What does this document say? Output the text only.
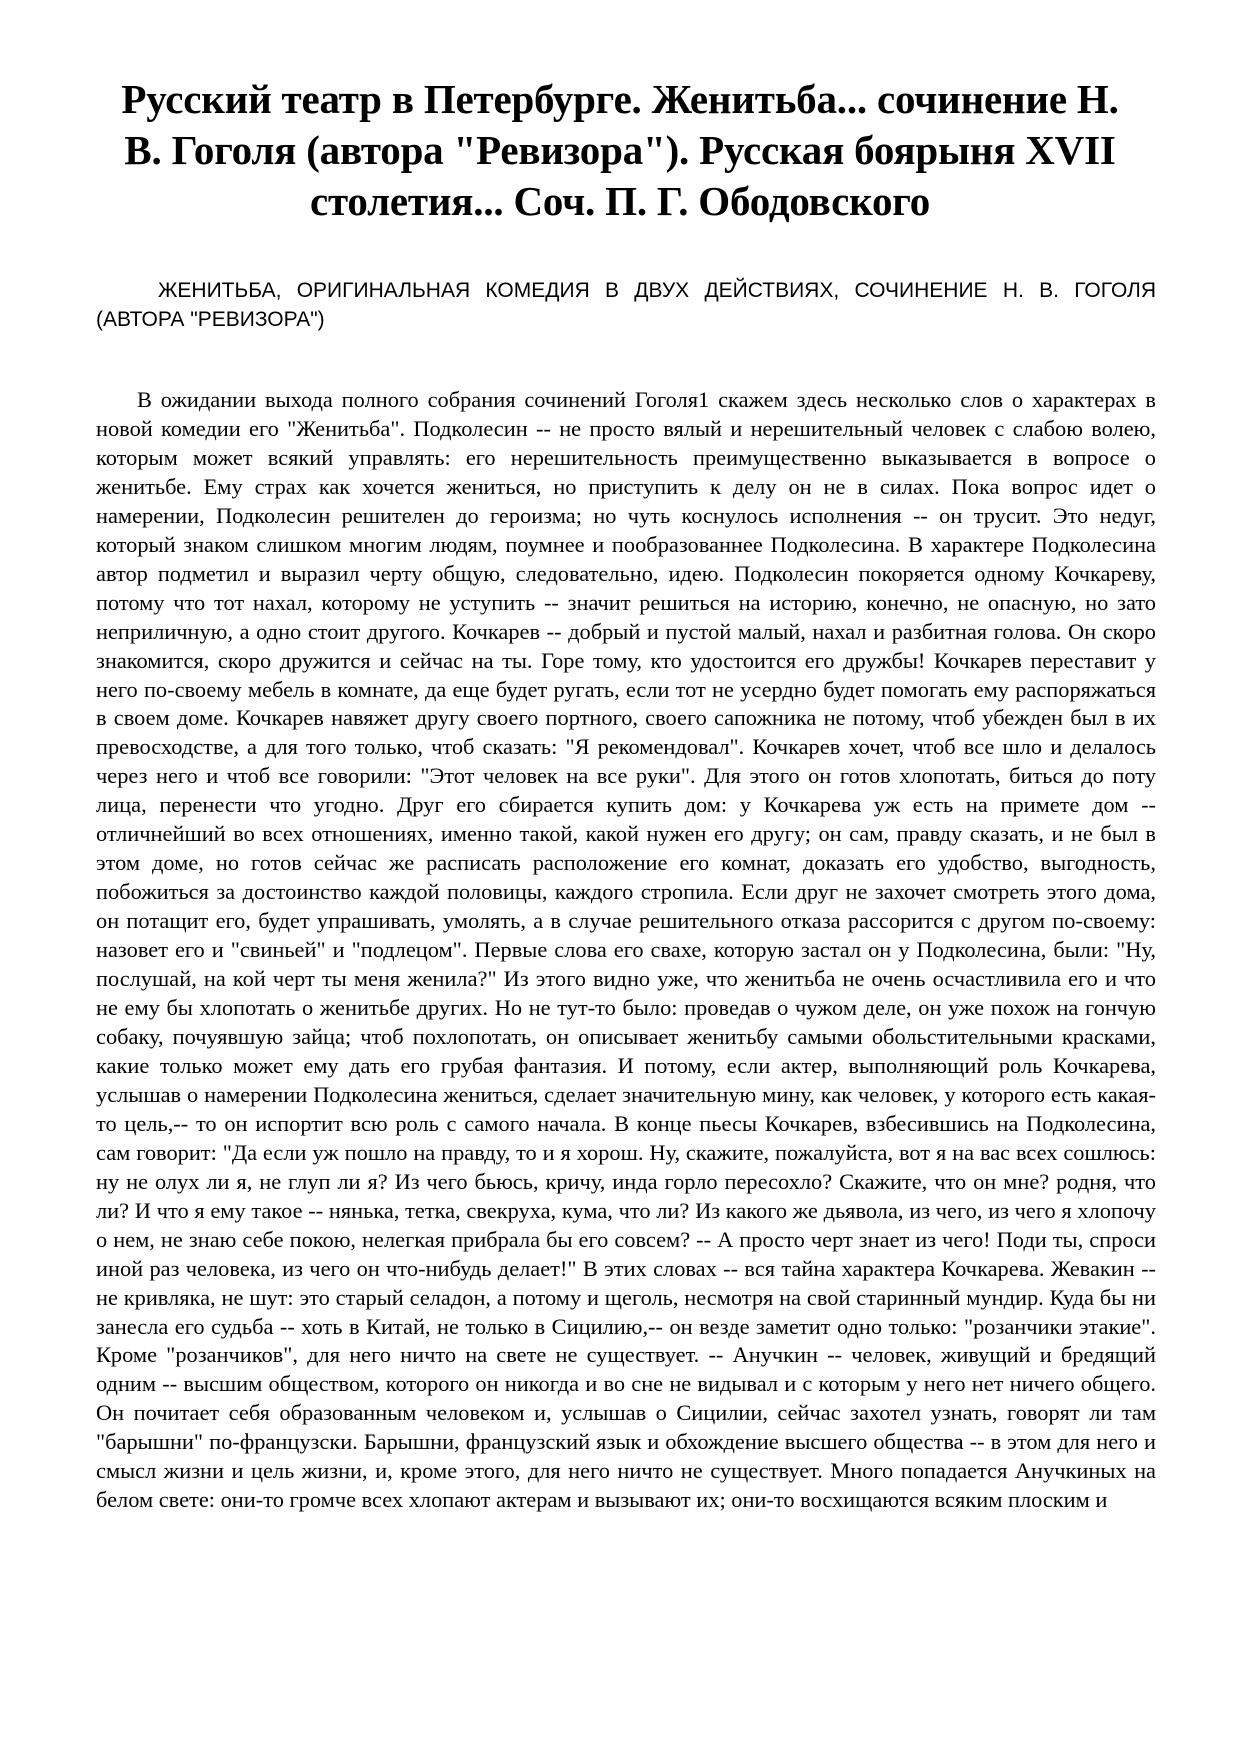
Русский театр в Петербурге. Женитьба... сочинение Н. В. Гоголя (автора "Ревизора"). Русская боярыня XVII столетия... Соч. П. Г. Ободовского

ЖЕНИТЬБА, ОРИГИНАЛЬНАЯ КОМЕДИЯ В ДВУХ ДЕЙСТВИЯХ, СОЧИНЕНИЕ Н. В. ГОГОЛЯ (АВТОРА "РЕВИЗОРА")

В ожидании выхода полного собрания сочинений Гоголя1 скажем здесь несколько слов о характерах в новой комедии его "Женитьба". Подколесин -- не просто вялый и нерешительный человек с слабою волею, которым может всякий управлять: его нерешительность преимущественно выказывается в вопросе о женитьбе. Ему страх как хочется жениться, но приступить к делу он не в силах. Пока вопрос идет о намерении, Подколесин решителен до героизма; но чуть коснулось исполнения -- он трусит. Это недуг, который знаком слишком многим людям, поумнее и пообразованнее Подколесина. В характере Подколесина автор подметил и выразил черту общую, следовательно, идею. Подколесин покоряется одному Кочкареву, потому что тот нахал, которому не уступить -- значит решиться на историю, конечно, не опасную, но зато неприличную, а одно стоит другого. Кочкарев -- добрый и пустой малый, нахал и разбитная голова. Он скоро знакомится, скоро дружится и сейчас на ты. Горе тому, кто удостоится его дружбы! Кочкарев переставит у него по-своему мебель в комнате, да еще будет ругать, если тот не усердно будет помогать ему распоряжаться в своем доме. Кочкарев навяжет другу своего портного, своего сапожника не потому, чтоб убежден был в их превосходстве, а для того только, чтоб сказать: "Я рекомендовал". Кочкарев хочет, чтоб все шло и делалось через него и чтоб все говорили: "Этот человек на все руки". Для этого он готов хлопотать, биться до поту лица, перенести что угодно. Друг его сбирается купить дом: у Кочкарева уж есть на примете дом -- отличнейший во всех отношениях, именно такой, какой нужен его другу; он сам, правду сказать, и не был в этом доме, но готов сейчас же расписать расположение его комнат, доказать его удобство, выгодность, побожиться за достоинство каждой половицы, каждого стропила. Если друг не захочет смотреть этого дома, он потащит его, будет упрашивать, умолять, а в случае решительного отказа рассорится с другом по-своему: назовет его и "свиньей" и "подлецом". Первые слова его свахе, которую застал он у Подколесина, были: "Ну, послушай, на кой черт ты меня женила?" Из этого видно уже, что женитьба не очень осчастливила его и что не ему бы хлопотать о женитьбе других. Но не тут-то было: проведав о чужом деле, он уже похож на гончую собаку, почуявшую зайца; чтоб похлопотать, он описывает женитьбу самыми обольстительными красками, какие только может ему дать его грубая фантазия. И потому, если актер, выполняющий роль Кочкарева, услышав о намерении Подколесина жениться, сделает значительную мину, как человек, у которого есть какая-то цель,-- то он испортит всю роль с самого начала. В конце пьесы Кочкарев, взбесившись на Подколесина, сам говорит: "Да если уж пошло на правду, то и я хорош. Ну, скажите, пожалуйста, вот я на вас всех сошлюсь: ну не олух ли я, не глуп ли я? Из чего бьюсь, кричу, инда горло пересохло? Скажите, что он мне? родня, что ли? И что я ему такое -- нянька, тетка, свекруха, кума, что ли? Из какого же дьявола, из чего, из чего я хлопочу о нем, не знаю себе покою, нелегкая прибрала бы его совсем? -- А просто черт знает из чего! Поди ты, спроси иной раз человека, из чего он что-нибудь делает!" В этих словах -- вся тайна характера Кочкарева. Жевакин -- не кривляка, не шут: это старый селадон, а потому и щеголь, несмотря на свой старинный мундир. Куда бы ни занесла его судьба -- хоть в Китай, не только в Сицилию,-- он везде заметит одно только: "розанчики этакие". Кроме "розанчиков", для него ничто на свете не существует. -- Анучкин -- человек, живущий и бредящий одним -- высшим обществом, которого он никогда и во сне не видывал и с которым у него нет ничего общего. Он почитает себя образованным человеком и, услышав о Сицилии, сейчас захотел узнать, говорят ли там "барышни" по-французски. Барышни, французский язык и обхождение высшего общества -- в этом для него и смысл жизни и цель жизни, и, кроме этого, для него ничто не существует. Много попадается Анучкиных на белом свете: они-то громче всех хлопают актерам и вызывают их; они-то восхищаются всяким плоским и
